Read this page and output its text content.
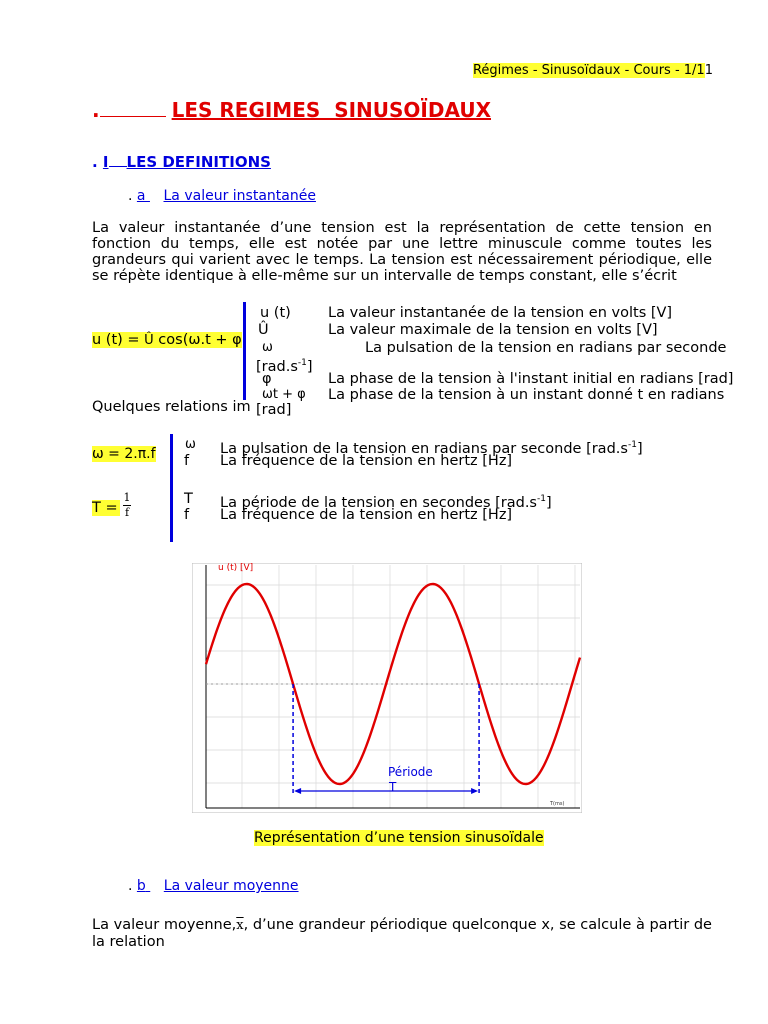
Régimes - Sinusoïdaux - Cours - 1/11
.	LES REGIMES  SINUSOÏDAUX
. I LES DEFINITIONS
. a La valeur instantanée
La valeur instantanée d’une tension est la représentation de cette tension en fonction du temps, elle est notée par une lettre minuscule comme toutes les grandeurs qui varient avec le temps. La tension est nécessairement périodique, elle se répète identique à elle-même sur un intervalle de temps constant, elle s’écrit
u (t) = Û cos(ω.t + φ
u (t)	La valeur instantanée de la tension en volts [V]
Û	La valeur maximale de la tension en volts [V]
ω	La pulsation de la tension en radians par seconde
$[rad.s^{-1}]$
φ	La phase de la tension à l'instant initial en radians [rad]
ωt + φ La phase de la tension à un instant donné t en radians
[rad]
Quelques relations im
ω = 2.π.f
$T = \frac{1}{f}$
ω La pulsation de la tension en radians par seconde $[rad.s^{-1}]$
f La fréquence de la tension en hertz [Hz]
T La période de la tension en secondes $[rad.s^{-1}]$
f La fréquence de la tension en hertz [Hz]
u (t) [V]
T(ms)
Période
T
Représentation d’une tension sinusoïdale
. b La valeur moyenne
La valeur $moyenne,\overline{x}$, d’une grandeur périodique quelconque x, se calcule à partir de la relation
